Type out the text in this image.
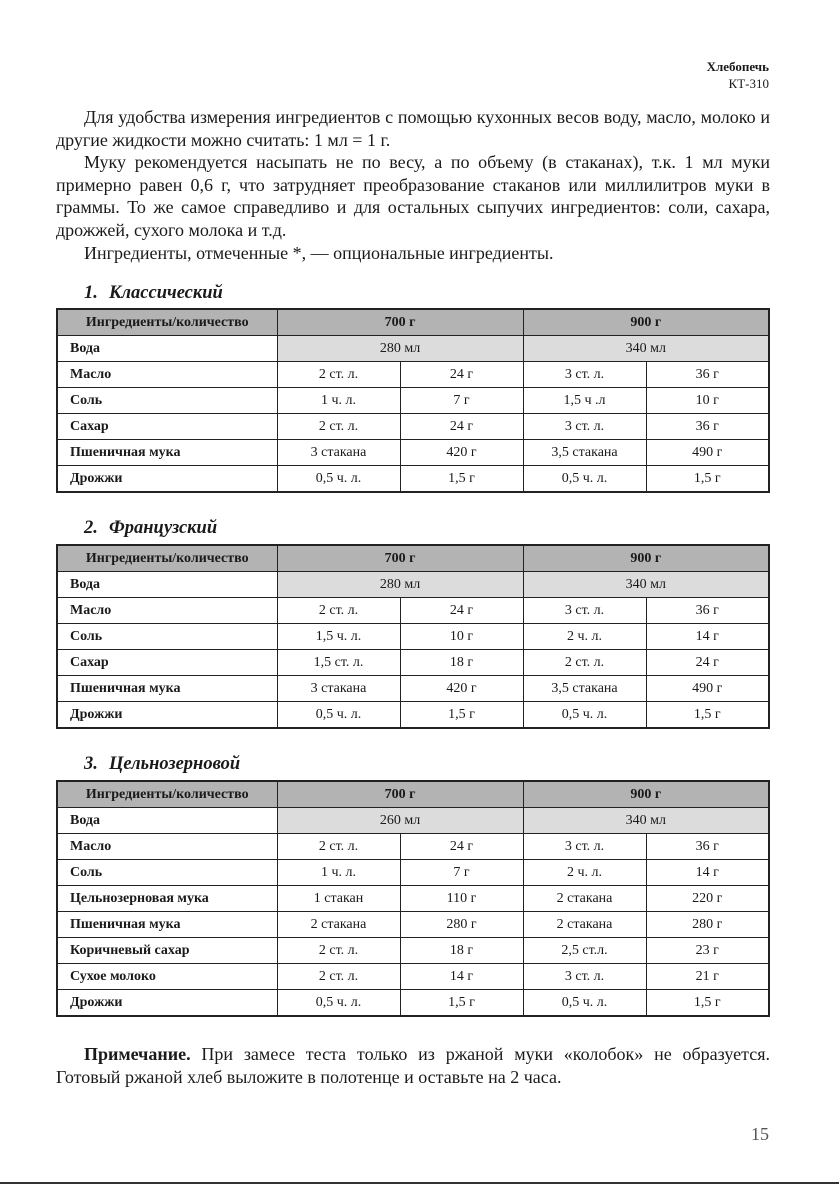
Хлебопечь
КТ-310

Для удобства измерения ингредиентов с помощью кухонных весов воду, масло, молоко и другие жидкости можно считать: 1 мл = 1 г.

Муку рекомендуется насыпать не по весу, а по объему (в стаканах), т.к. 1 мл муки примерно равен 0,6 г, что затрудняет преобразование стаканов или миллилитров муки в граммы. То же самое справедливо и для остальных сыпучих ингредиентов: соли, сахара, дрожжей, сухого молока и т.д.

Ингредиенты, отмеченные *, — опциональные ингредиенты.

1. Классический
Ингредиенты/количество	700 г		900 г	
Вода	280 мл		340 мл	
Масло	2 ст. л.	24 г	3 ст. л.	36 г
Соль	1 ч. л.	7 г	1,5 ч .л	10 г
Сахар	2 ст. л.	24 г	3 ст. л.	36 г
Пшеничная мука	3 стакана	420 г	3,5 стакана	490 г
Дрожжи	0,5 ч. л.	1,5 г	0,5 ч. л.	1,5 г
2. Французский
Ингредиенты/количество	700 г		900 г	
Вода	280 мл		340 мл	
Масло	2 ст. л.	24 г	3 ст. л.	36 г
Соль	1,5 ч. л.	10 г	2 ч. л.	14 г
Сахар	1,5 ст. л.	18 г	2 ст. л.	24 г
Пшеничная мука	3 стакана	420 г	3,5 стакана	490 г
Дрожжи	0,5 ч. л.	1,5 г	0,5 ч. л.	1,5 г
3. Цельнозерновой
Ингредиенты/количество	700 г		900 г	
Вода	260 мл		340 мл	
Масло	2 ст. л.	24 г	3 ст. л.	36 г
Соль	1 ч. л.	7 г	2 ч. л.	14 г
Цельнозерновая мука	1 стакан	110 г	2 стакана	220 г
Пшеничная мука	2 стакана	280 г	2 стакана	280 г
Коричневый сахар	2 ст. л.	18 г	2,5 ст.л.	23 г
Сухое молоко	2 ст. л.	14 г	3 ст. л.	21 г
Дрожжи	0,5 ч. л.	1,5 г	0,5 ч. л.	1,5 г

Примечание. При замесе теста только из ржаной муки «колобок» не образуется. Готовый ржаной хлеб выложите в полотенце и оставьте на 2 часа.

15
